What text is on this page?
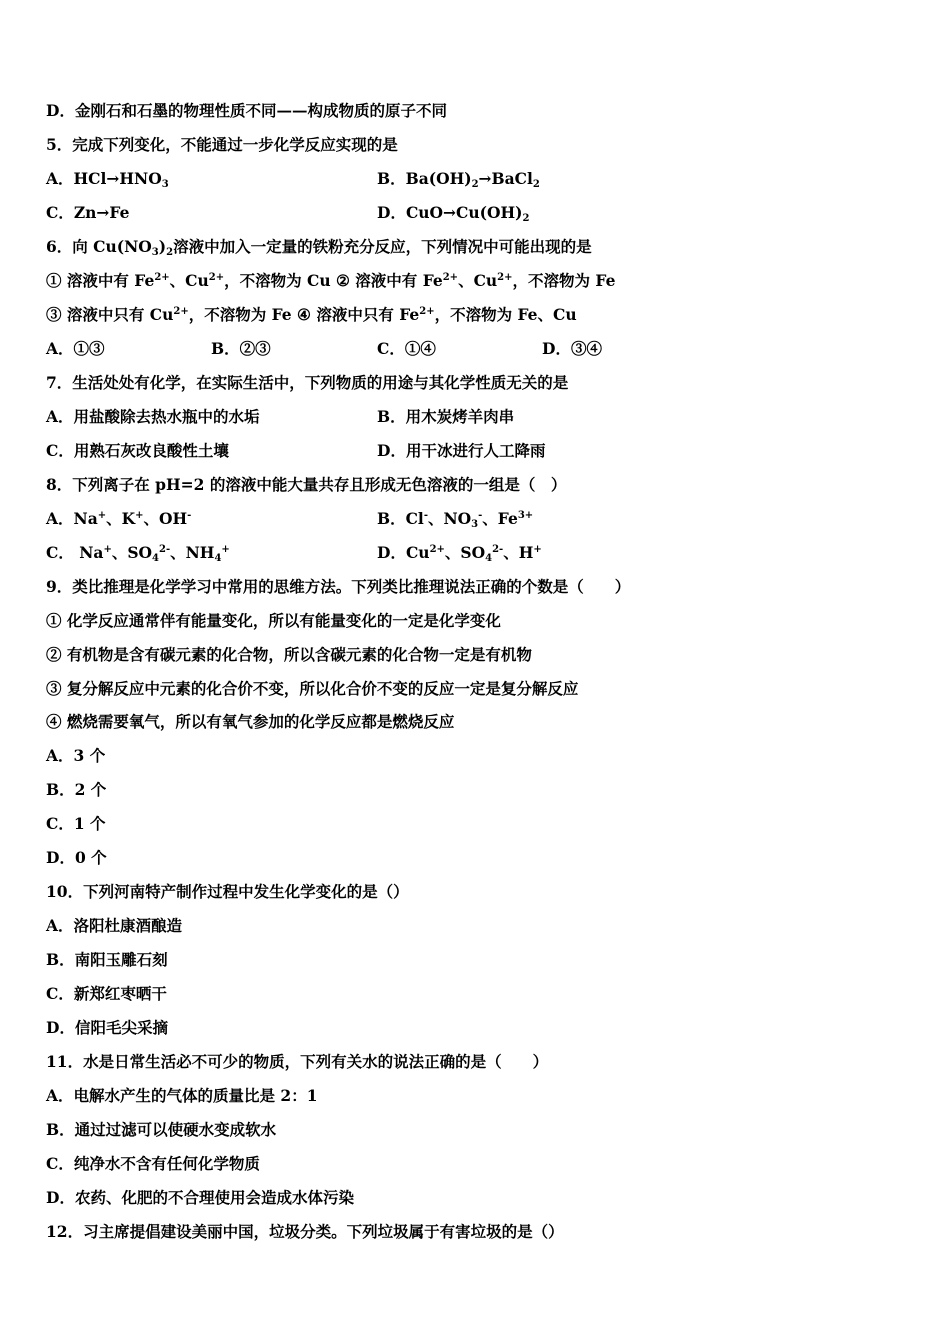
D．金刚石和石墨的物理性质不同——构成物质的原子不同
5．完成下列变化，不能通过一步化学反应实现的是
A．$HCl\to HNO_3$	B．$Ba(OH)_2\to BaCl_2$
C．Zn→Fe	D．$CuO\to Cu(OH)_2$
6．向 $Cu(NO_3)_2$溶液中加入一定量的铁粉充分反应，下列情况中可能出现的是
① 溶液中有 $Fe^{2+}$、$Cu^{2+}$，不溶物为 Cu ② 溶液中有 $Fe^{2+}$、$Cu^{2+}$，不溶物为 Fe
③ 溶液中只有 $Cu^{2+}$，不溶物为 Fe ④ 溶液中只有 $Fe^{2+}$，不溶物为 Fe、Cu
A．①③	B．②③	C．①④	D．③④
7．生活处处有化学，在实际生活中，下列物质的用途与其化学性质无关的是
A．用盐酸除去热水瓶中的水垢	B．用木炭烤羊肉串
C．用熟石灰改良酸性土壤	D．用干冰进行人工降雨
8．下列离子在 pH=2 的溶液中能大量共存且形成无色溶液的一组是（　）
A．Na+、K+、OH-	B．Cl-、$NO_3^-$、$Fe^{3+}$
C． Na+、$SO_4^{2-}$、$NH_4^+$	D．$Cu^{2+}$、$SO_4^{2-}$、H+
9．类比推理是化学学习中常用的思维方法。下列类比推理说法正确的个数是（　　）
① 化学反应通常伴有能量变化，所以有能量变化的一定是化学变化
② 有机物是含有碳元素的化合物，所以含碳元素的化合物一定是有机物
③ 复分解反应中元素的化合价不变，所以化合价不变的反应一定是复分解反应
④ 燃烧需要氧气，所以有氧气参加的化学反应都是燃烧反应
A．3 个
B．2 个
C．1 个
D．0 个
10．下列河南特产制作过程中发生化学变化的是（）
A．洛阳杜康酒酿造
B．南阳玉雕石刻
C．新郑红枣晒干
D．信阳毛尖采摘
11．水是日常生活必不可少的物质，下列有关水的说法正确的是（　　）
A．电解水产生的气体的质量比是 2：1
B．通过过滤可以使硬水变成软水
C．纯净水不含有任何化学物质
D．农药、化肥的不合理使用会造成水体污染
12．习主席提倡建设美丽中国，垃圾分类。下列垃圾属于有害垃圾的是（）
